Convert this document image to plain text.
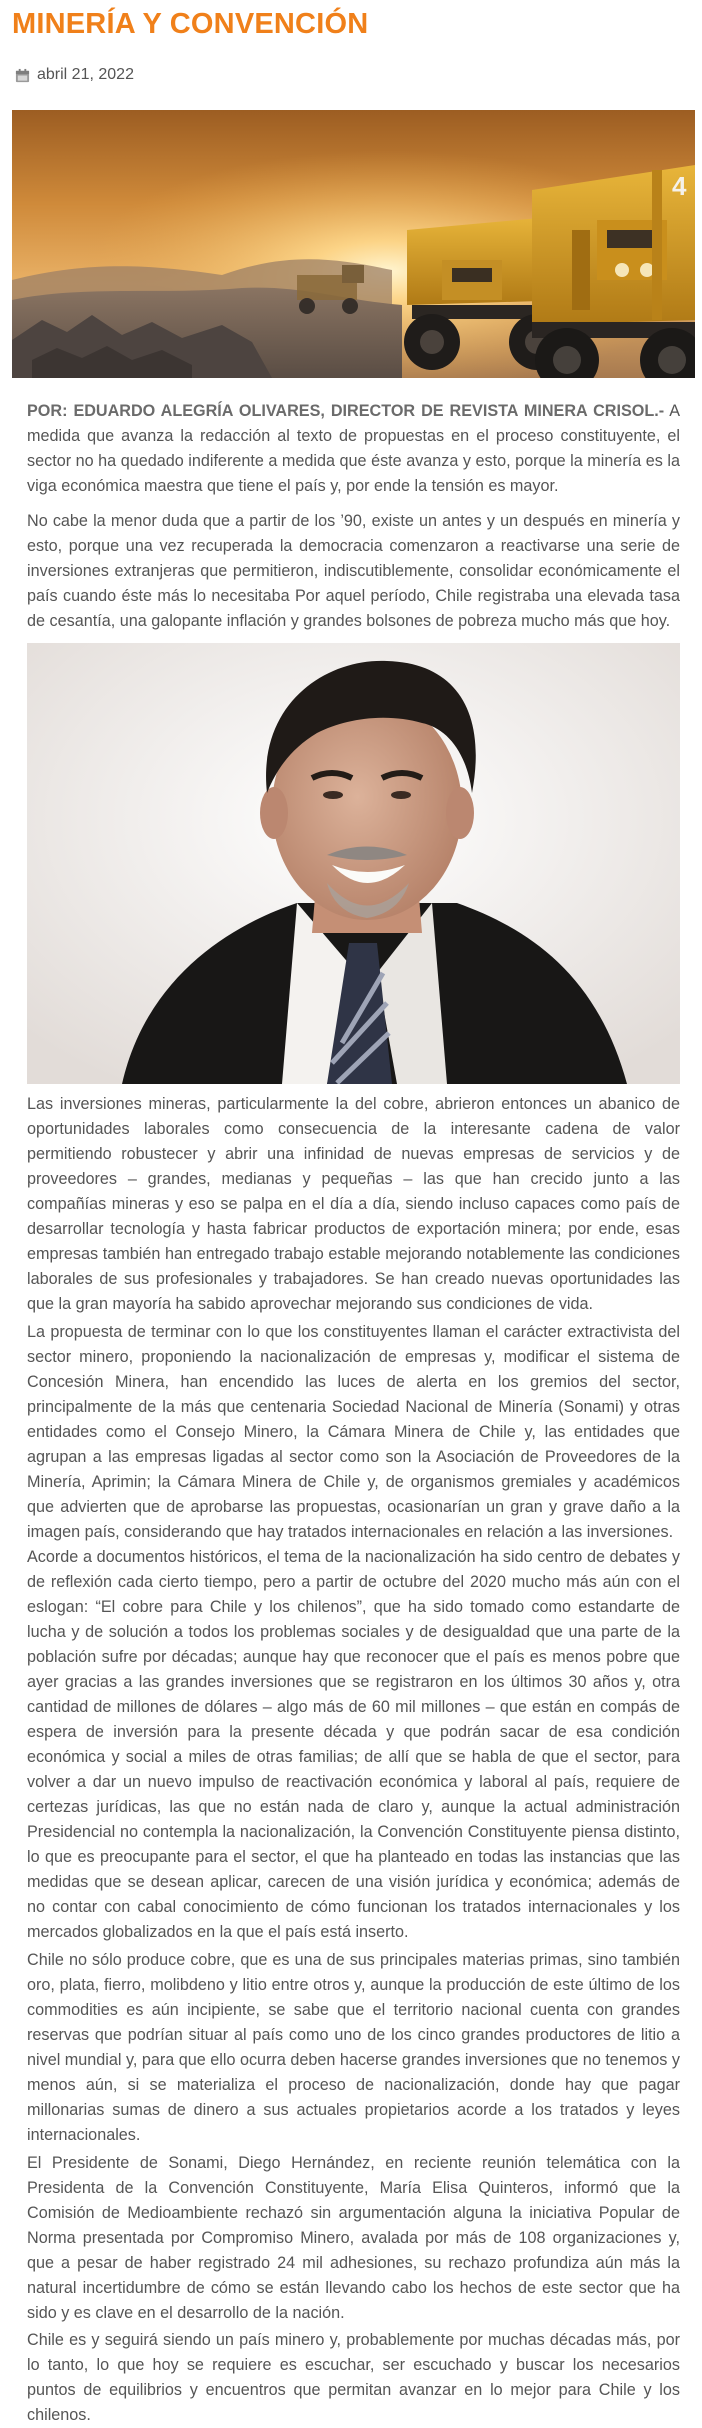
MINERÍA Y CONVENCIÓN
abril 21, 2022
4

POR: EDUARDO ALEGRÍA OLIVARES, DIRECTOR DE REVISTA MINERA CRISOL.- A medida que avanza la redacción al texto de propuestas en el proceso constituyente, el sector no ha quedado indiferente a medida que éste avanza y esto, porque la minería es la viga económica maestra que tiene el país y, por ende la tensión es mayor.

No cabe la menor duda que a partir de los ’90, existe un antes y un después en minería y esto, porque una vez recuperada la democracia comenzaron a reactivarse una serie de inversiones extranjeras que permitieron, indiscutiblemente, consolidar económicamente el país cuando éste más lo necesitaba Por aquel período, Chile registraba una elevada tasa de cesantía, una galopante inflación y grandes bolsones de pobreza mucho más que hoy.

Las inversiones mineras, particularmente la del cobre, abrieron entonces un abanico de oportunidades laborales como consecuencia de la interesante cadena de valor permitiendo robustecer y abrir una infinidad de nuevas empresas de servicios y de proveedores – grandes, medianas y pequeñas – las que han crecido junto a las compañías mineras y eso se palpa en el día a día, siendo incluso capaces como país de desarrollar tecnología y hasta fabricar productos de exportación minera; por ende, esas empresas también han entregado trabajo estable mejorando notablemente las condiciones laborales de sus profesionales y trabajadores. Se han creado nuevas oportunidades las que la gran mayoría ha sabido aprovechar mejorando sus condiciones de vida.

La propuesta de terminar con lo que los constituyentes llaman el carácter extractivista del sector minero, proponiendo la nacionalización de empresas y, modificar el sistema de Concesión Minera, han encendido las luces de alerta en los gremios del sector, principalmente de la más que centenaria Sociedad Nacional de Minería (Sonami) y otras entidades como el Consejo Minero, la Cámara Minera de Chile y, las entidades que agrupan a las empresas ligadas al sector como son la Asociación de Proveedores de la Minería, Aprimin; la Cámara Minera de Chile y, de organismos gremiales y académicos que advierten que de aprobarse las propuestas, ocasionarían un gran y grave daño a la imagen país, considerando que hay tratados internacionales en relación a las inversiones.

Acorde a documentos históricos, el tema de la nacionalización ha sido centro de debates y de reflexión cada cierto tiempo, pero a partir de octubre del 2020 mucho más aún con el eslogan: “El cobre para Chile y los chilenos”, que ha sido tomado como estandarte de lucha y de solución a todos los problemas sociales y de desigualdad que una parte de la población sufre por décadas; aunque hay que reconocer que el país es menos pobre que ayer gracias a las grandes inversiones que se registraron en los últimos 30 años y, otra cantidad de millones de dólares – algo más de 60 mil millones – que están en compás de espera de inversión para la presente década y que podrán sacar de esa condición económica y social a miles de otras familias; de allí que se habla de que el sector, para volver a dar un nuevo impulso de reactivación económica y laboral al país, requiere de certezas jurídicas, las que no están nada de claro y, aunque la actual administración Presidencial no contempla la nacionalización, la Convención Constituyente piensa distinto, lo que es preocupante para el sector, el que ha planteado en todas las instancias que las medidas que se desean aplicar, carecen de una visión jurídica y económica; además de no contar con cabal conocimiento de cómo funcionan los tratados internacionales y los mercados globalizados en la que el país está inserto.

Chile no sólo produce cobre, que es una de sus principales materias primas, sino también oro, plata, fierro, molibdeno y litio entre otros y, aunque la producción de este último de los commodities es aún incipiente, se sabe que el territorio nacional cuenta con grandes reservas que podrían situar al país como uno de los cinco grandes productores de litio a nivel mundial y, para que ello ocurra deben hacerse grandes inversiones que no tenemos y menos aún, si se materializa el proceso de nacionalización, donde hay que pagar millonarias sumas de dinero a sus actuales propietarios acorde a los tratados y leyes internacionales.

El Presidente de Sonami, Diego Hernández, en reciente reunión telemática con la Presidenta de la Convención Constituyente, María Elisa Quinteros, informó que la Comisión de Medioambiente rechazó sin argumentación alguna la iniciativa Popular de Norma presentada por Compromiso Minero, avalada por más de 108 organizaciones y, que a pesar de haber registrado 24 mil adhesiones, su rechazo profundiza aún más la natural incertidumbre de cómo se están llevando cabo los hechos de este sector que ha sido y es clave en el desarrollo de la nación.

Chile es y seguirá siendo un país minero y, probablemente por muchas décadas más, por lo tanto, lo que hoy se requiere es escuchar, ser escuchado y buscar los necesarios puntos de equilibrios y encuentros que permitan avanzar en lo mejor para Chile y los chilenos.
